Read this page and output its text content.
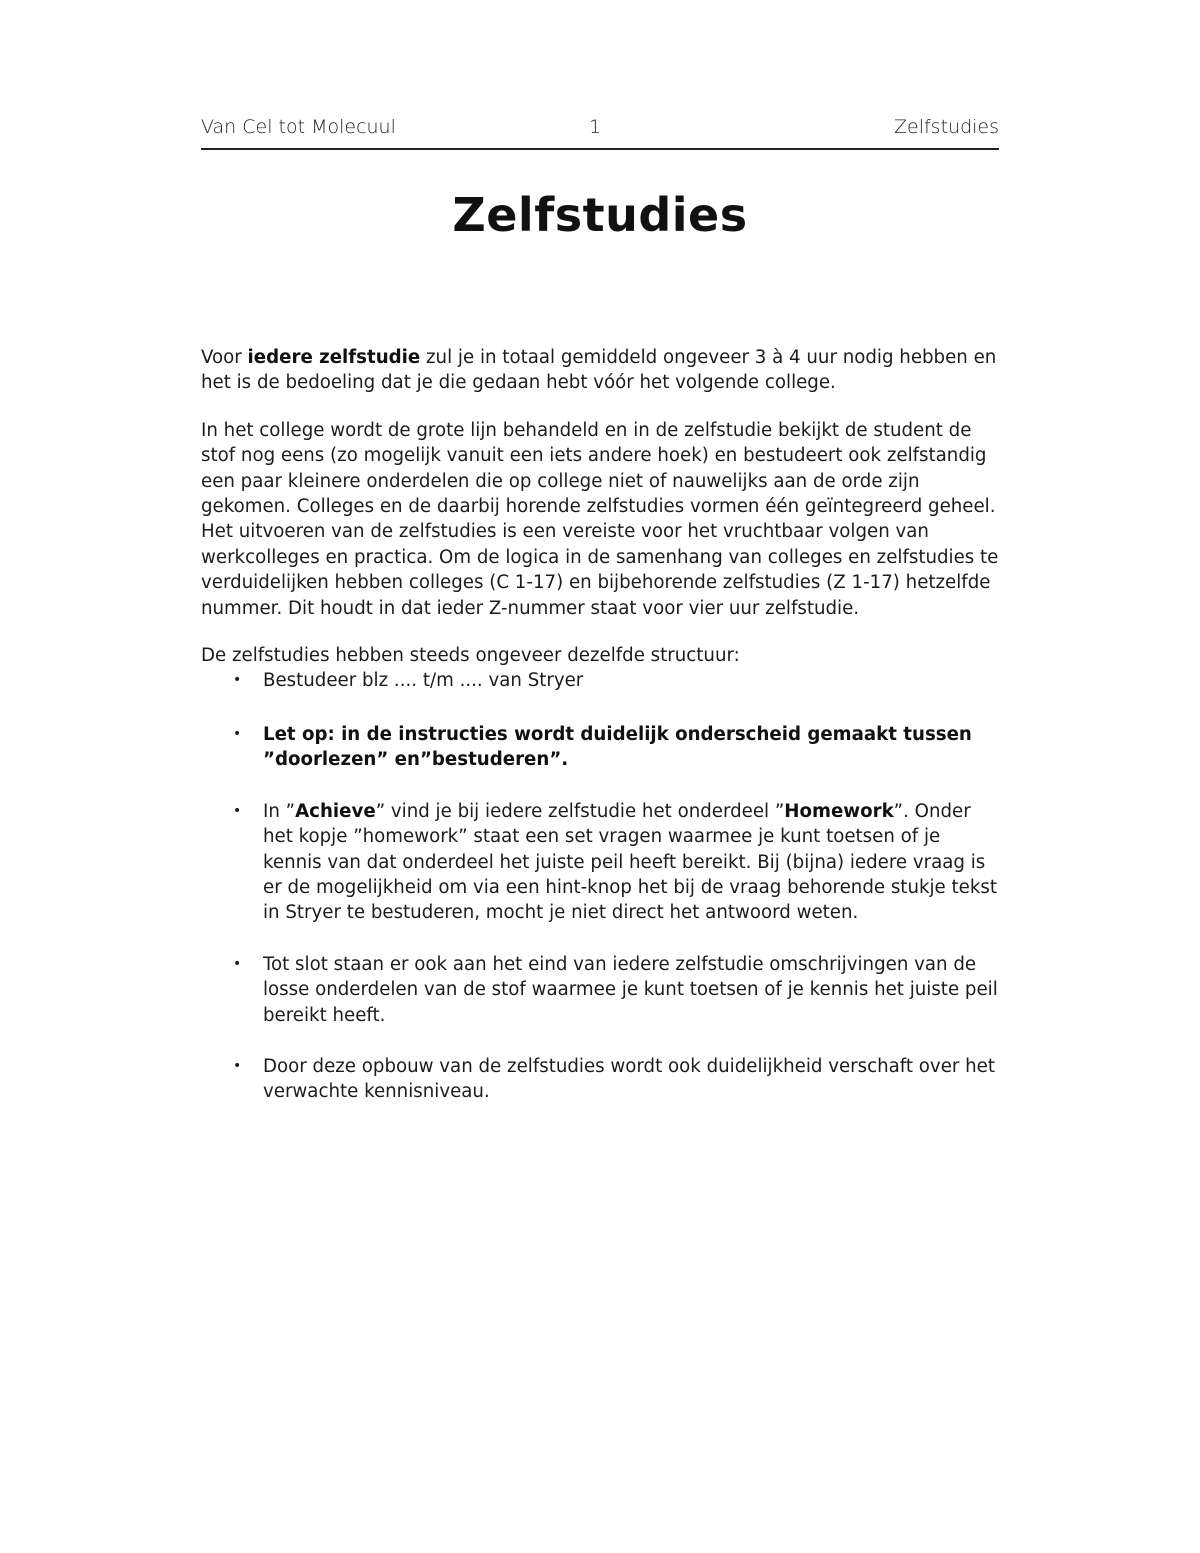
Van Cel tot Molecuul	1	Zelfstudies
Zelfstudies

Voor iedere zelfstudie zul je in totaal gemiddeld ongeveer 3 à 4 uur nodig hebben en het is de bedoeling dat je die gedaan hebt vóór het volgende college.

In het college wordt de grote lijn behandeld en in de zelfstudie bekijkt de student de stof nog eens (zo mogelijk vanuit een iets andere hoek) en bestudeert ook zelfstandig een paar kleinere onderdelen die op college niet of nauwelijks aan de orde zijn gekomen. Colleges en de daarbij horende zelfstudies vormen één geïntegreerd geheel. Het uitvoeren van de zelfstudies is een vereiste voor het vruchtbaar volgen van werkcolleges en practica. Om de logica in de samenhang van colleges en zelfstudies te verduidelijken hebben colleges (C 1-17) en bijbehorende zelfstudies (Z 1-17) hetzelfde nummer. Dit houdt in dat ieder Z-nummer staat voor vier uur zelfstudie.

De zelfstudies hebben steeds ongeveer dezelfde structuur:

• Bestudeer blz .... t/m .... van Stryer
• Let op: in de instructies wordt duidelijk onderscheid gemaakt tussen ”doorlezen” en”bestuderen”.
• In ”Achieve” vind je bij iedere zelfstudie het onderdeel ”Homework”. Onder het kopje ”homework” staat een set vragen waarmee je kunt toetsen of je kennis van dat onderdeel het juiste peil heeft bereikt. Bij (bijna) iedere vraag is er de mogelijkheid om via een hint-knop het bij de vraag behorende stukje tekst in Stryer te bestuderen, mocht je niet direct het antwoord weten.
• Tot slot staan er ook aan het eind van iedere zelfstudie omschrijvingen van de losse onderdelen van de stof waarmee je kunt toetsen of je kennis het juiste peil bereikt heeft.
• Door deze opbouw van de zelfstudies wordt ook duidelijkheid verschaft over het verwachte kennisniveau.
